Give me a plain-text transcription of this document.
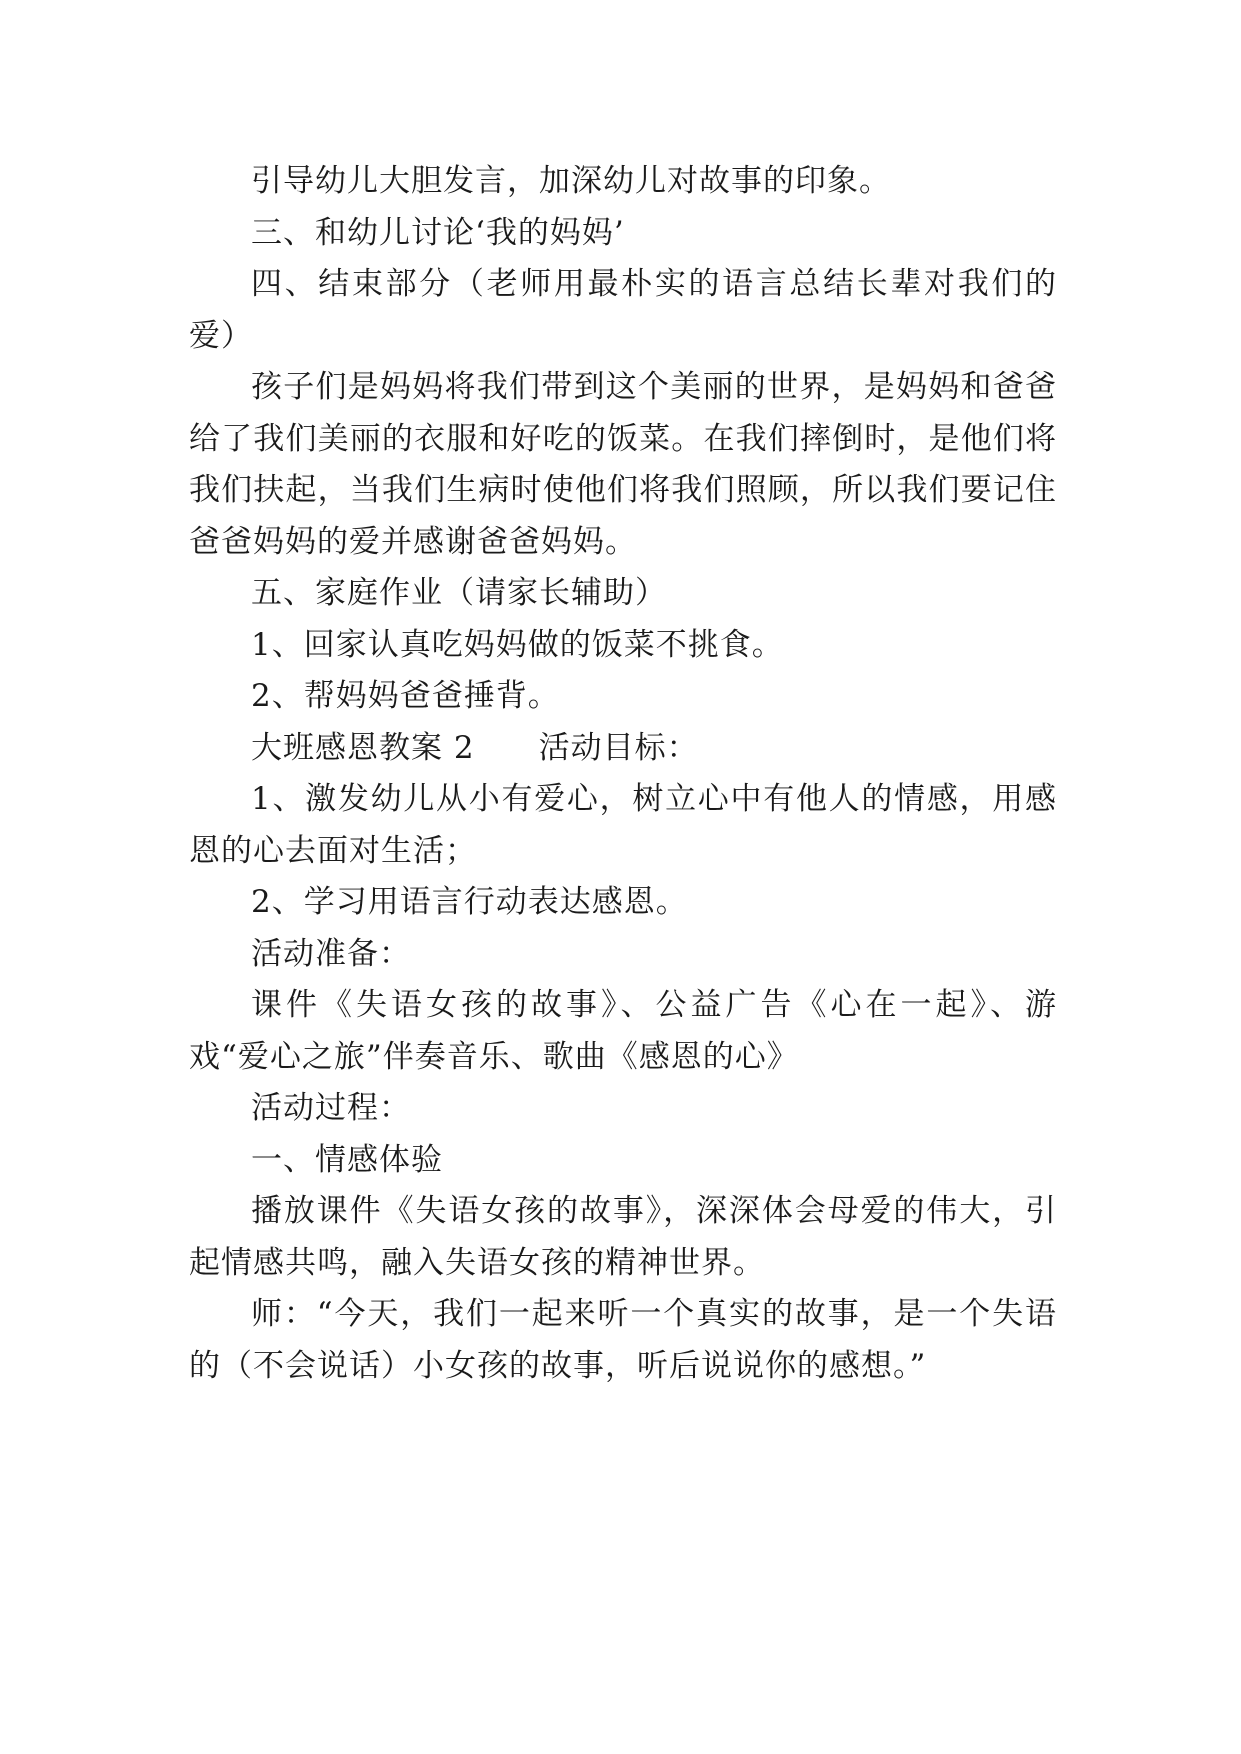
引导幼儿大胆发言，加深幼儿对故事的印象。

三、和幼儿讨论‘我的妈妈’

四、结束部分（老师用最朴实的语言总结长辈对我们的爱）

孩子们是妈妈将我们带到这个美丽的世界，是妈妈和爸爸给了我们美丽的衣服和好吃的饭菜。在我们摔倒时，是他们将我们扶起，当我们生病时使他们将我们照顾，所以我们要记住爸爸妈妈的爱并感谢爸爸妈妈。

五、家庭作业（请家长辅助）

1、回家认真吃妈妈做的饭菜不挑食。

2、帮妈妈爸爸捶背。

大班感恩教案 2　　活动目标：

1、激发幼儿从小有爱心，树立心中有他人的情感，用感恩的心去面对生活；

2、学习用语言行动表达感恩。

活动准备：

课件《失语女孩的故事》、公益广告《心在一起》、游戏“爱心之旅”伴奏音乐、歌曲《感恩的心》

活动过程：

一、情感体验

播放课件《失语女孩的故事》，深深体会母爱的伟大，引起情感共鸣，融入失语女孩的精神世界。

师：“今天，我们一起来听一个真实的故事，是一个失语的（不会说话）小女孩的故事，听后说说你的感想。”
